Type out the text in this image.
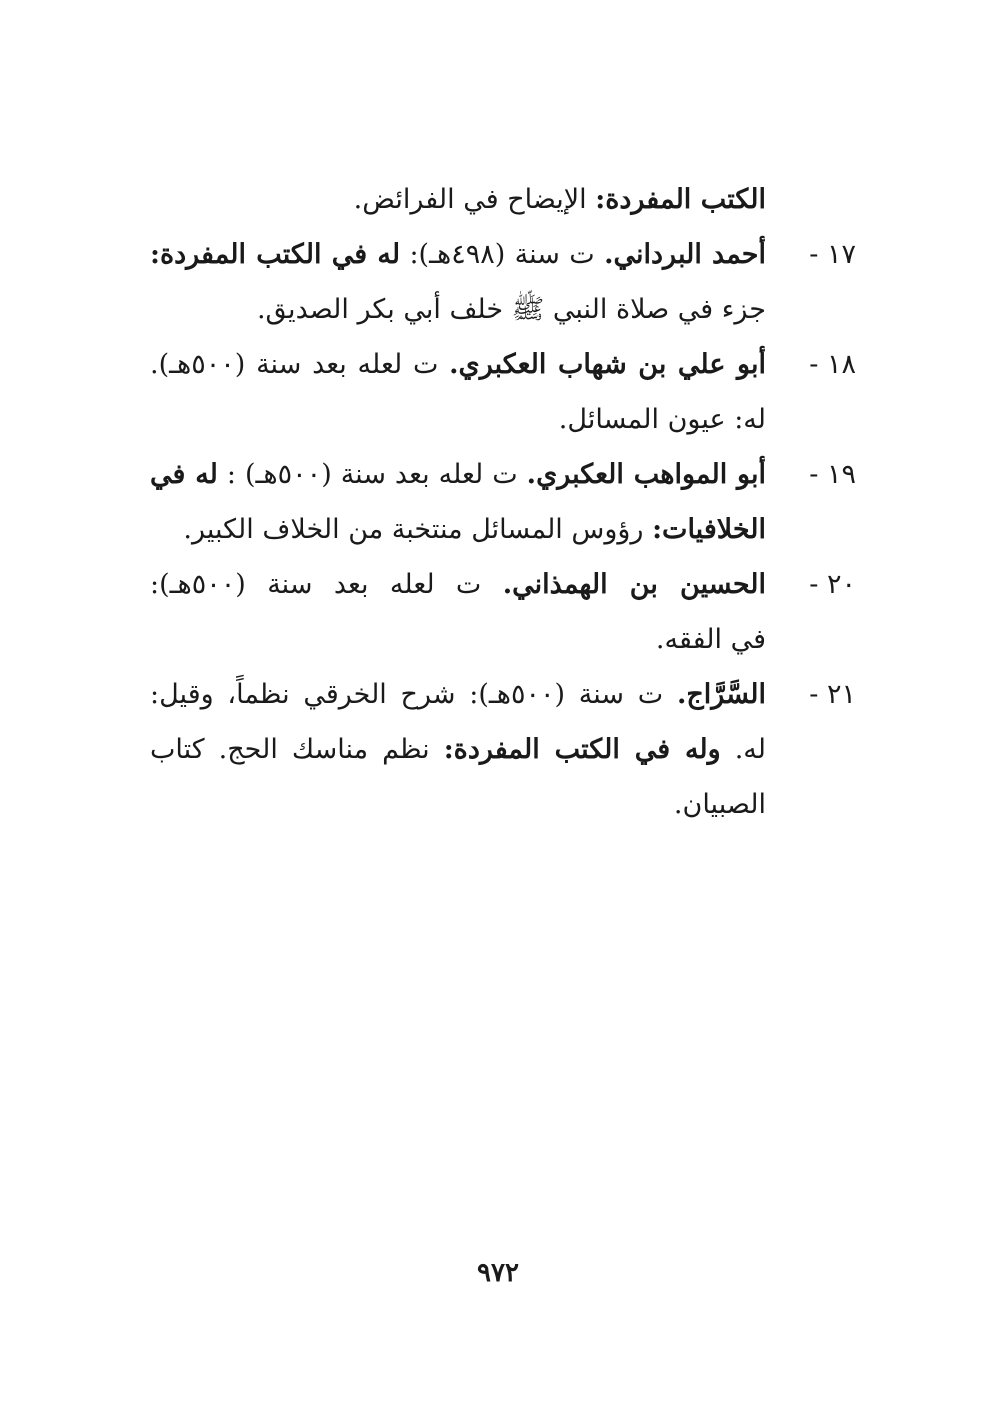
الكتب المفردة: الإيضاح في الفرائض.
١٧ -
أحمد البرداني. ت سنة (٤٩٨هـ): له في الكتب المفردة:
جزء في صلاة النبي ﷺ خلف أبي بكر الصديق.
١٨ -
أبو علي بن شهاب العكبري. ت لعله بعد سنة (٥٠٠هـ).
له: عيون المسائل.
١٩ -
أبو المواهب العكبري. ت لعله بعد سنة (٥٠٠هـ) : له في
الخلافيات: رؤوس المسائل منتخبة من الخلاف الكبير.
٢٠ -
الحسين بن الهمذاني. ت لعله بعد سنة (٥٠٠هـ):
في الفقه.
٢١ -
السَّرَّاج. ت سنة (٥٠٠هـ): شرح الخرقي نظماً، وقيل:
له. وله في الكتب المفردة: نظم مناسك الحج. كتاب
الصبيان.
٩٧٢
